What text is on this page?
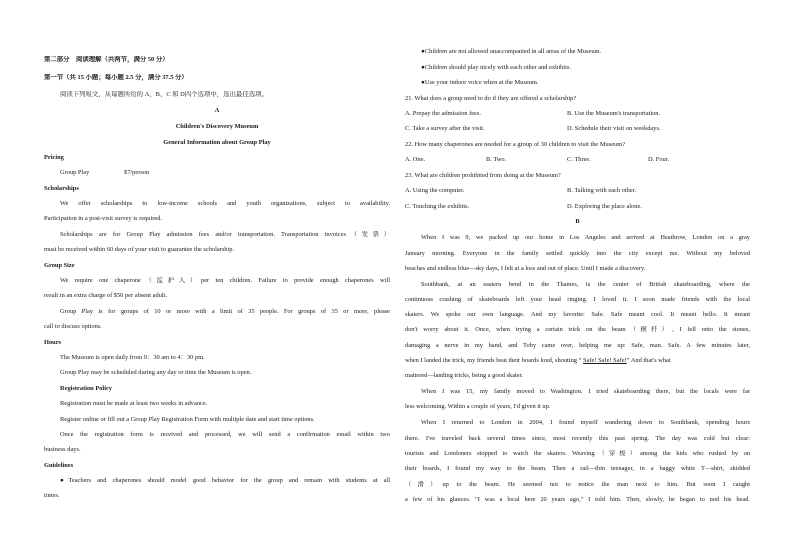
第二部分　阅读理解（共两节，满分 50 分）
第一节（共 15 小题；每小题 2.5 分，满分 37.5 分）
阅读下列短文，从每题所给的 A、B、C 和 D四个选项中，选出最佳选项。
A
Children's Discovery Museum
General Information about Group Play
Pricing
Group Play	$7/person
Scholarships
We offer scholarships to low-income schools and youth organizations, subject to availability.
Participation in a post-visit survey is required.
Scholarships are for Group Play admission fees and/or transportation. Transportation invoices（发票）
must be received within 60 days of your visit to guarantee the scholarship.
Group Size
We require one chaperone（监护人）per ten children. Failure to provide enough chaperones will
result in an extra charge of $50 per absent adult.
Group Play is for groups of 10 or more with a limit of 35 people. For groups of 35 or more, please
call to discuss options.
Hours
The Museum is open daily from 9：30 am to 4：30 pm.
Group Play may be scheduled during any day or time the Museum is open.
Registration Policy
Registration must be made at least two weeks in advance.
Register online or fill out a Group Play Registration Form with multiple date and start time options.
Once the registration form is received and processed, we will send a confirmation email within two
business days.
Guidelines
●Teachers and chaperones should model good behavior for the group and remain with students at all
times.
●Children are not allowed unaccompanied in all areas of the Museum.
●Children should play nicely with each other and exhibits.
●Use your indoor voice when at the Museum.
21. What does a group need to do if they are offered a scholarship?
A. Prepay the admission fees.	B. Use the Museum's transportation.
C. Take a survey after the visit.	D. Schedule their visit on weekdays.
22. How many chaperones are needed for a group of 30 children to visit the Museum?
A. One.	B. Two.	C. Three.	D. Four.
23. What are children prohibited from doing at the Museum?
A. Using the computer.	B. Talking with each other.
C. Touching the exhibits.	D. Exploring the place alone.
B
When I was 9, we packed up our home in Los Angeles and arrived at Heathrow, London on a gray
January morning. Everyone in the family settled quickly into the city except me. Without my beloved
beaches and endless blue—sky days, I felt at a loss and out of place. Until I made a discovery.
Southbank, at an eastern bend in the Thames, is the center of British skateboarding, where the
continuous crashing of skateboards left your head ringing. I loved it. I soon made friends with the local
skaters. We spoke our own language. And my favorite: Safe. Safe meant cool. It meant hello. It meant
don't worry about it. Once, when trying a certain trick on the beam（横杆）, I fell onto the stones,
damaging a nerve in my hand, and Toby came over, helping me up: Safe, man. Safe. A few minutes later,
when I landed the trick, my friends beat their boards loud, shouting “ Safe! Safe! Safe!” And that's what
mattered—landing tricks, being a good skater.
When I was 15, my family moved to Washington. I tried skateboarding there, but the locals were far
less welcoming. Within a couple of years, I'd given it up.
When I returned to London in 2004, I found myself wandering down to Southbank, spending hours
there. I've traveled back several times since, most recently this past spring. The day was cold but clear:
tourists and Londoners stopped to watch the skaters. Weaving（穿梭）among the kids who rushed by on
their boards, I found my way to the beam. Then a rail—thin teenager, in a baggy white T—shirt, skidded
（滑）up to the beam. He seemed not to notice the man next to him. But soon I caught
a few of his glances. "I was a local here 20 years ago," I told him. Then, slowly, he began to nod his head.
